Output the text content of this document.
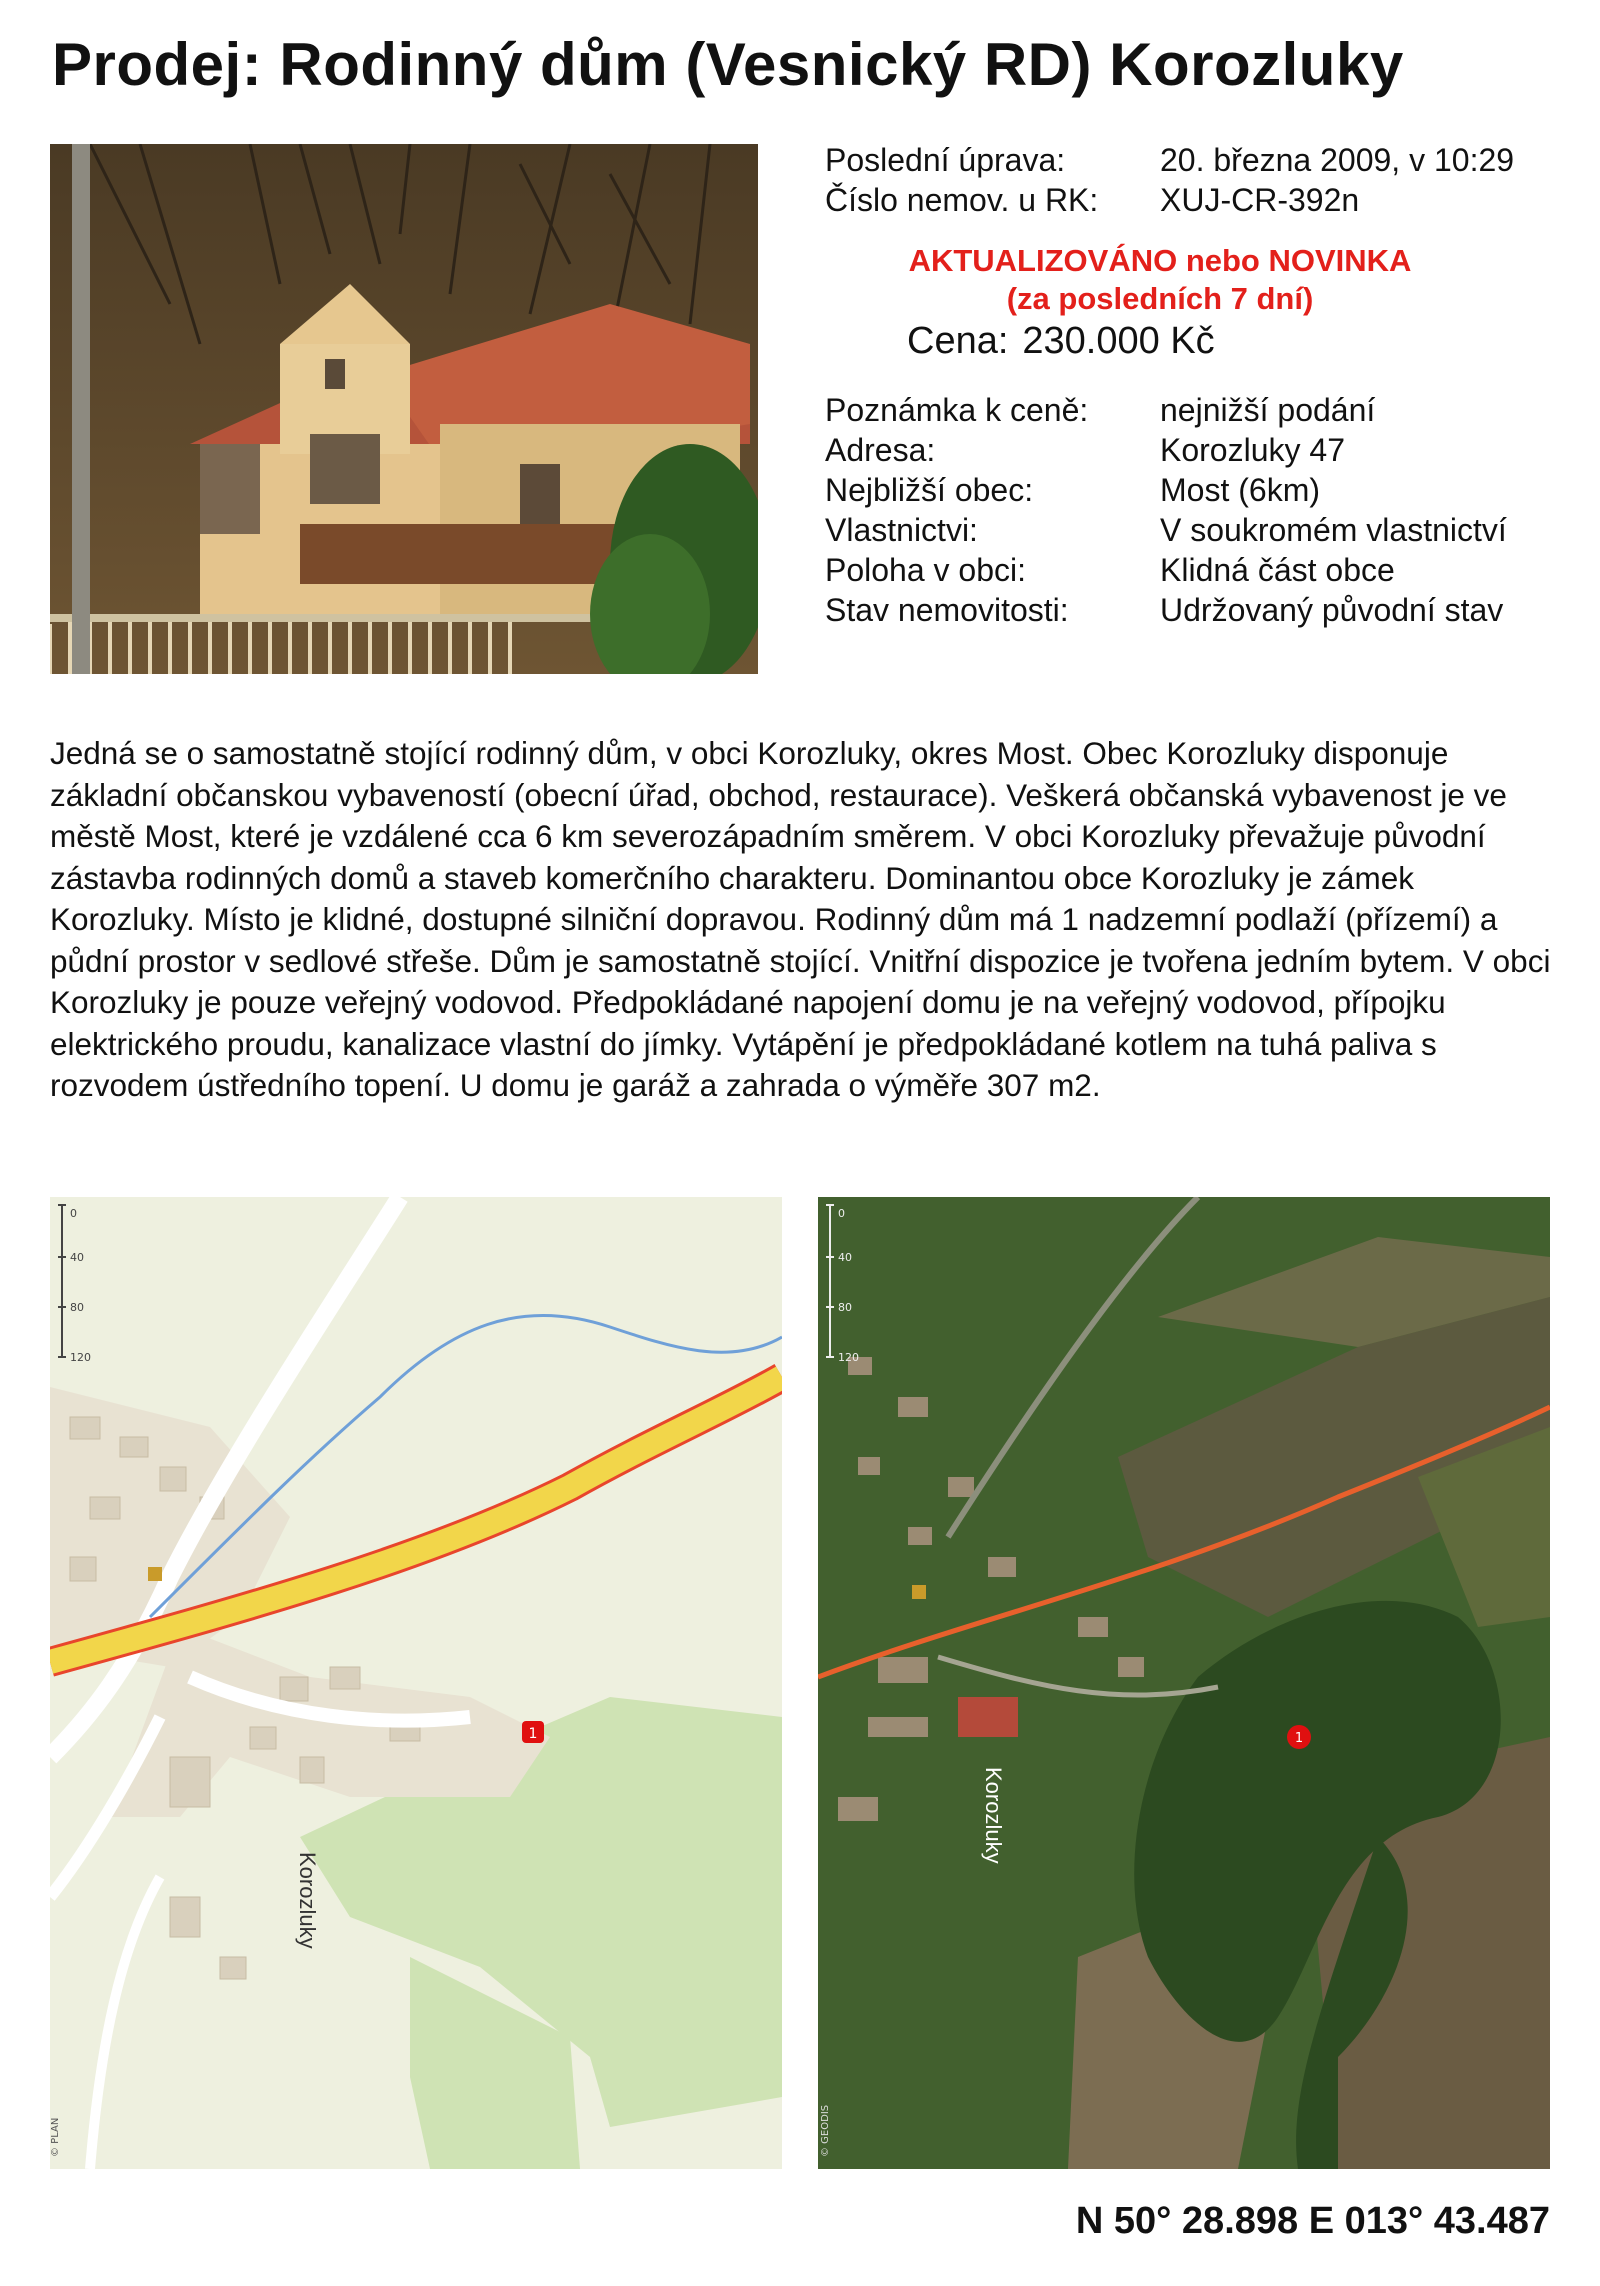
Prodej: Rodinný dům (Vesnický RD) Korozluky
Poslední úprava:	20. března 2009, v 10:29
Číslo nemov. u RK:	XUJ-CR-392n
AKTUALIZOVÁNO nebo NOVINKA
(za posledních 7 dní)
Cena: 230.000 Kč
Poznámka k ceně:	nejnižší podání
Adresa:	Korozluky 47
Nejbližší obec:	Most (6km)
Vlastnictvi:	V soukromém vlastnictví
Poloha v obci:	Klidná část obce
Stav nemovitosti:	Udržovaný původní stav
Jedná se o samostatně stojící rodinný dům, v obci Korozluky, okres Most. Obec Korozluky disponuje základní občanskou vybaveností (obecní úřad, obchod, restaurace). Veškerá občanská vybavenost je ve městě Most, které je vzdálené cca 6 km severozápadním směrem. V obci Korozluky převažuje původní zástavba rodinných domů a staveb komerčního charakteru. Dominantou obce Korozluky je zámek Korozluky. Místo je klidné, dostupné silniční dopravou. Rodinný dům má 1 nadzemní podlaží (přízemí) a půdní prostor v sedlové střeše. Dům je samostatně stojící. Vnitřní dispozice je tvořena jedním bytem. V obci Korozluky je pouze veřejný vodovod. Předpokládané napojení domu je na veřejný vodovod, přípojku elektrického proudu, kanalizace vlastní do jímky. Vytápění je předpokládané kotlem na tuhá paliva s rozvodem ústředního topení. U domu je garáž a zahrada o výměře 307 m2.
0
40
80
120
Korozluky
1
© PLAN
0
40
80
120
Korozluky
1
© GEODIS
N 50° 28.898 E 013° 43.487
